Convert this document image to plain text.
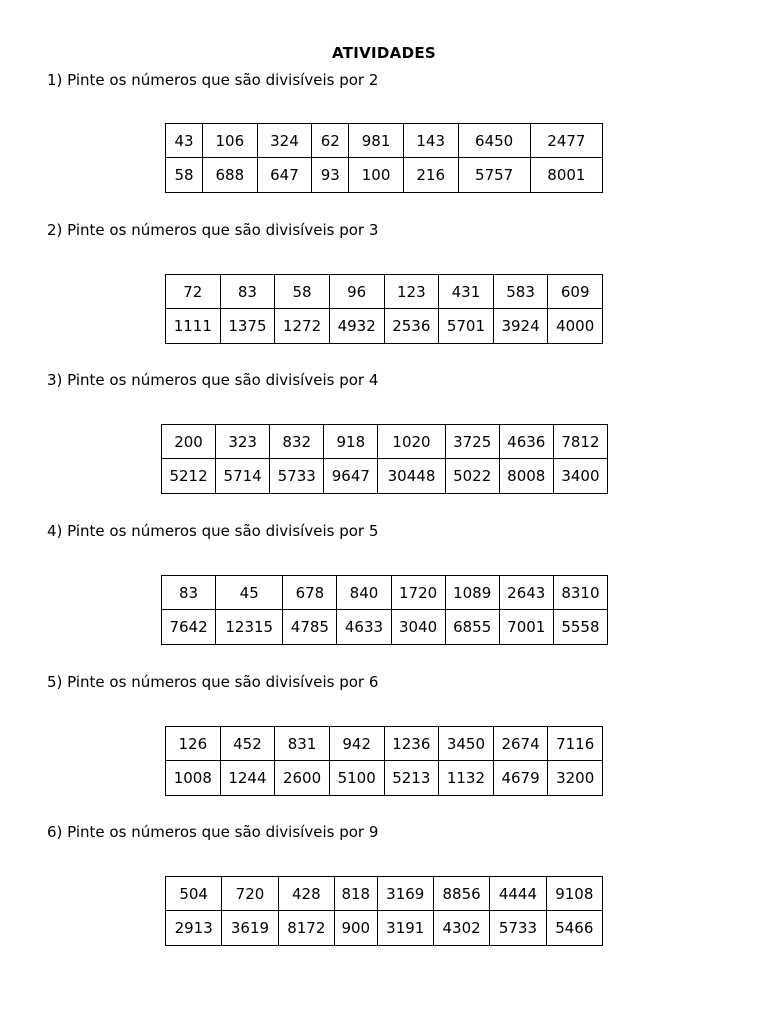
ATIVIDADES
1) Pinte os números que são divisíveis por 2
43	106	324	62	981	143	6450	2477
58	688	647	93	100	216	5757	8001
2) Pinte os números que são divisíveis por 3
72	83	58	96	123	431	583	609
1111	1375	1272	4932	2536	5701	3924	4000
3) Pinte os números que são divisíveis por 4
200	323	832	918	1020	3725	4636	7812
5212	5714	5733	9647	30448	5022	8008	3400
4) Pinte os números que são divisíveis por 5
83	45	678	840	1720	1089	2643	8310
7642	12315	4785	4633	3040	6855	7001	5558
5) Pinte os números que são divisíveis por 6
126	452	831	942	1236	3450	2674	7116
1008	1244	2600	5100	5213	1132	4679	3200
6) Pinte os números que são divisíveis por 9
504	720	428	818	3169	8856	4444	9108
2913	3619	8172	900	3191	4302	5733	5466
